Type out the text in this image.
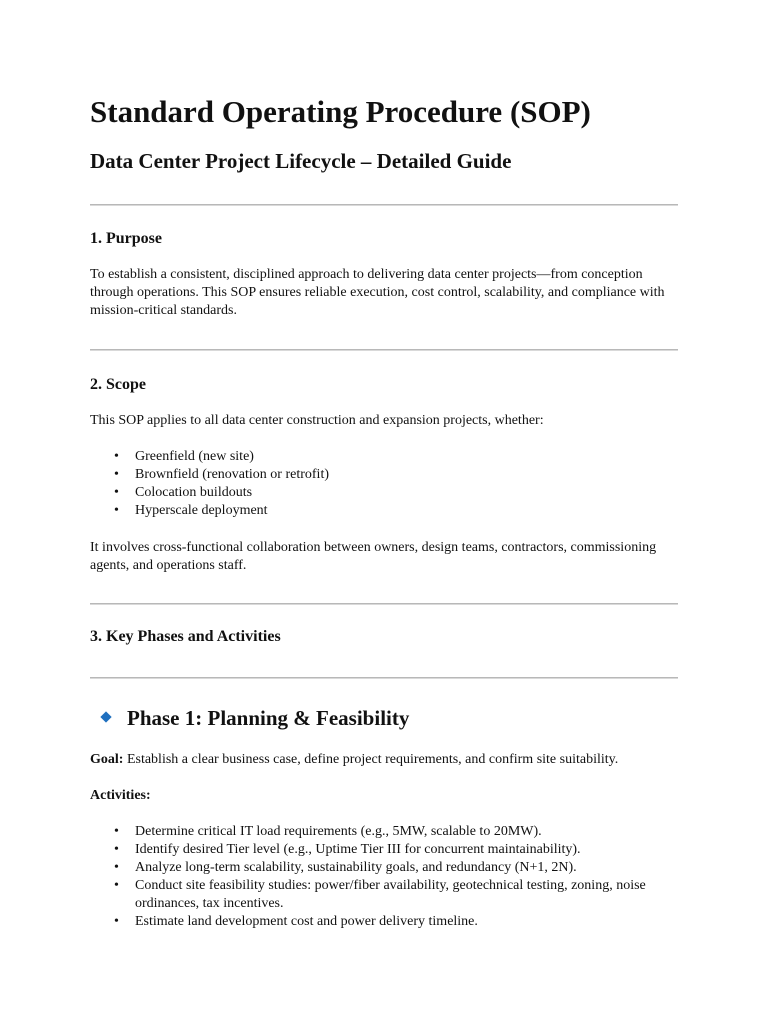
Standard Operating Procedure (SOP)
Data Center Project Lifecycle – Detailed Guide
1. Purpose

To establish a consistent, disciplined approach to delivering data center projects—from conception through operations. This SOP ensures reliable execution, cost control, scalability, and compliance with mission-critical standards.

2. Scope

This SOP applies to all data center construction and expansion projects, whether:

• Greenfield (new site)
• Brownfield (renovation or retrofit)
• Colocation buildouts
• Hyperscale deployment

It involves cross-functional collaboration between owners, design teams, contractors, commissioning agents, and operations staff.

3. Key Phases and Activities
Phase 1: Planning & Feasibility

Goal: Establish a clear business case, define project requirements, and confirm site suitability.

Activities:

• Determine critical IT load requirements (e.g., 5MW, scalable to 20MW).
• Identify desired Tier level (e.g., Uptime Tier III for concurrent maintainability).
• Analyze long-term scalability, sustainability goals, and redundancy (N+1, 2N).
• Conduct site feasibility studies: power/fiber availability, geotechnical testing, zoning, noise ordinances, tax incentives.
• Estimate land development cost and power delivery timeline.
